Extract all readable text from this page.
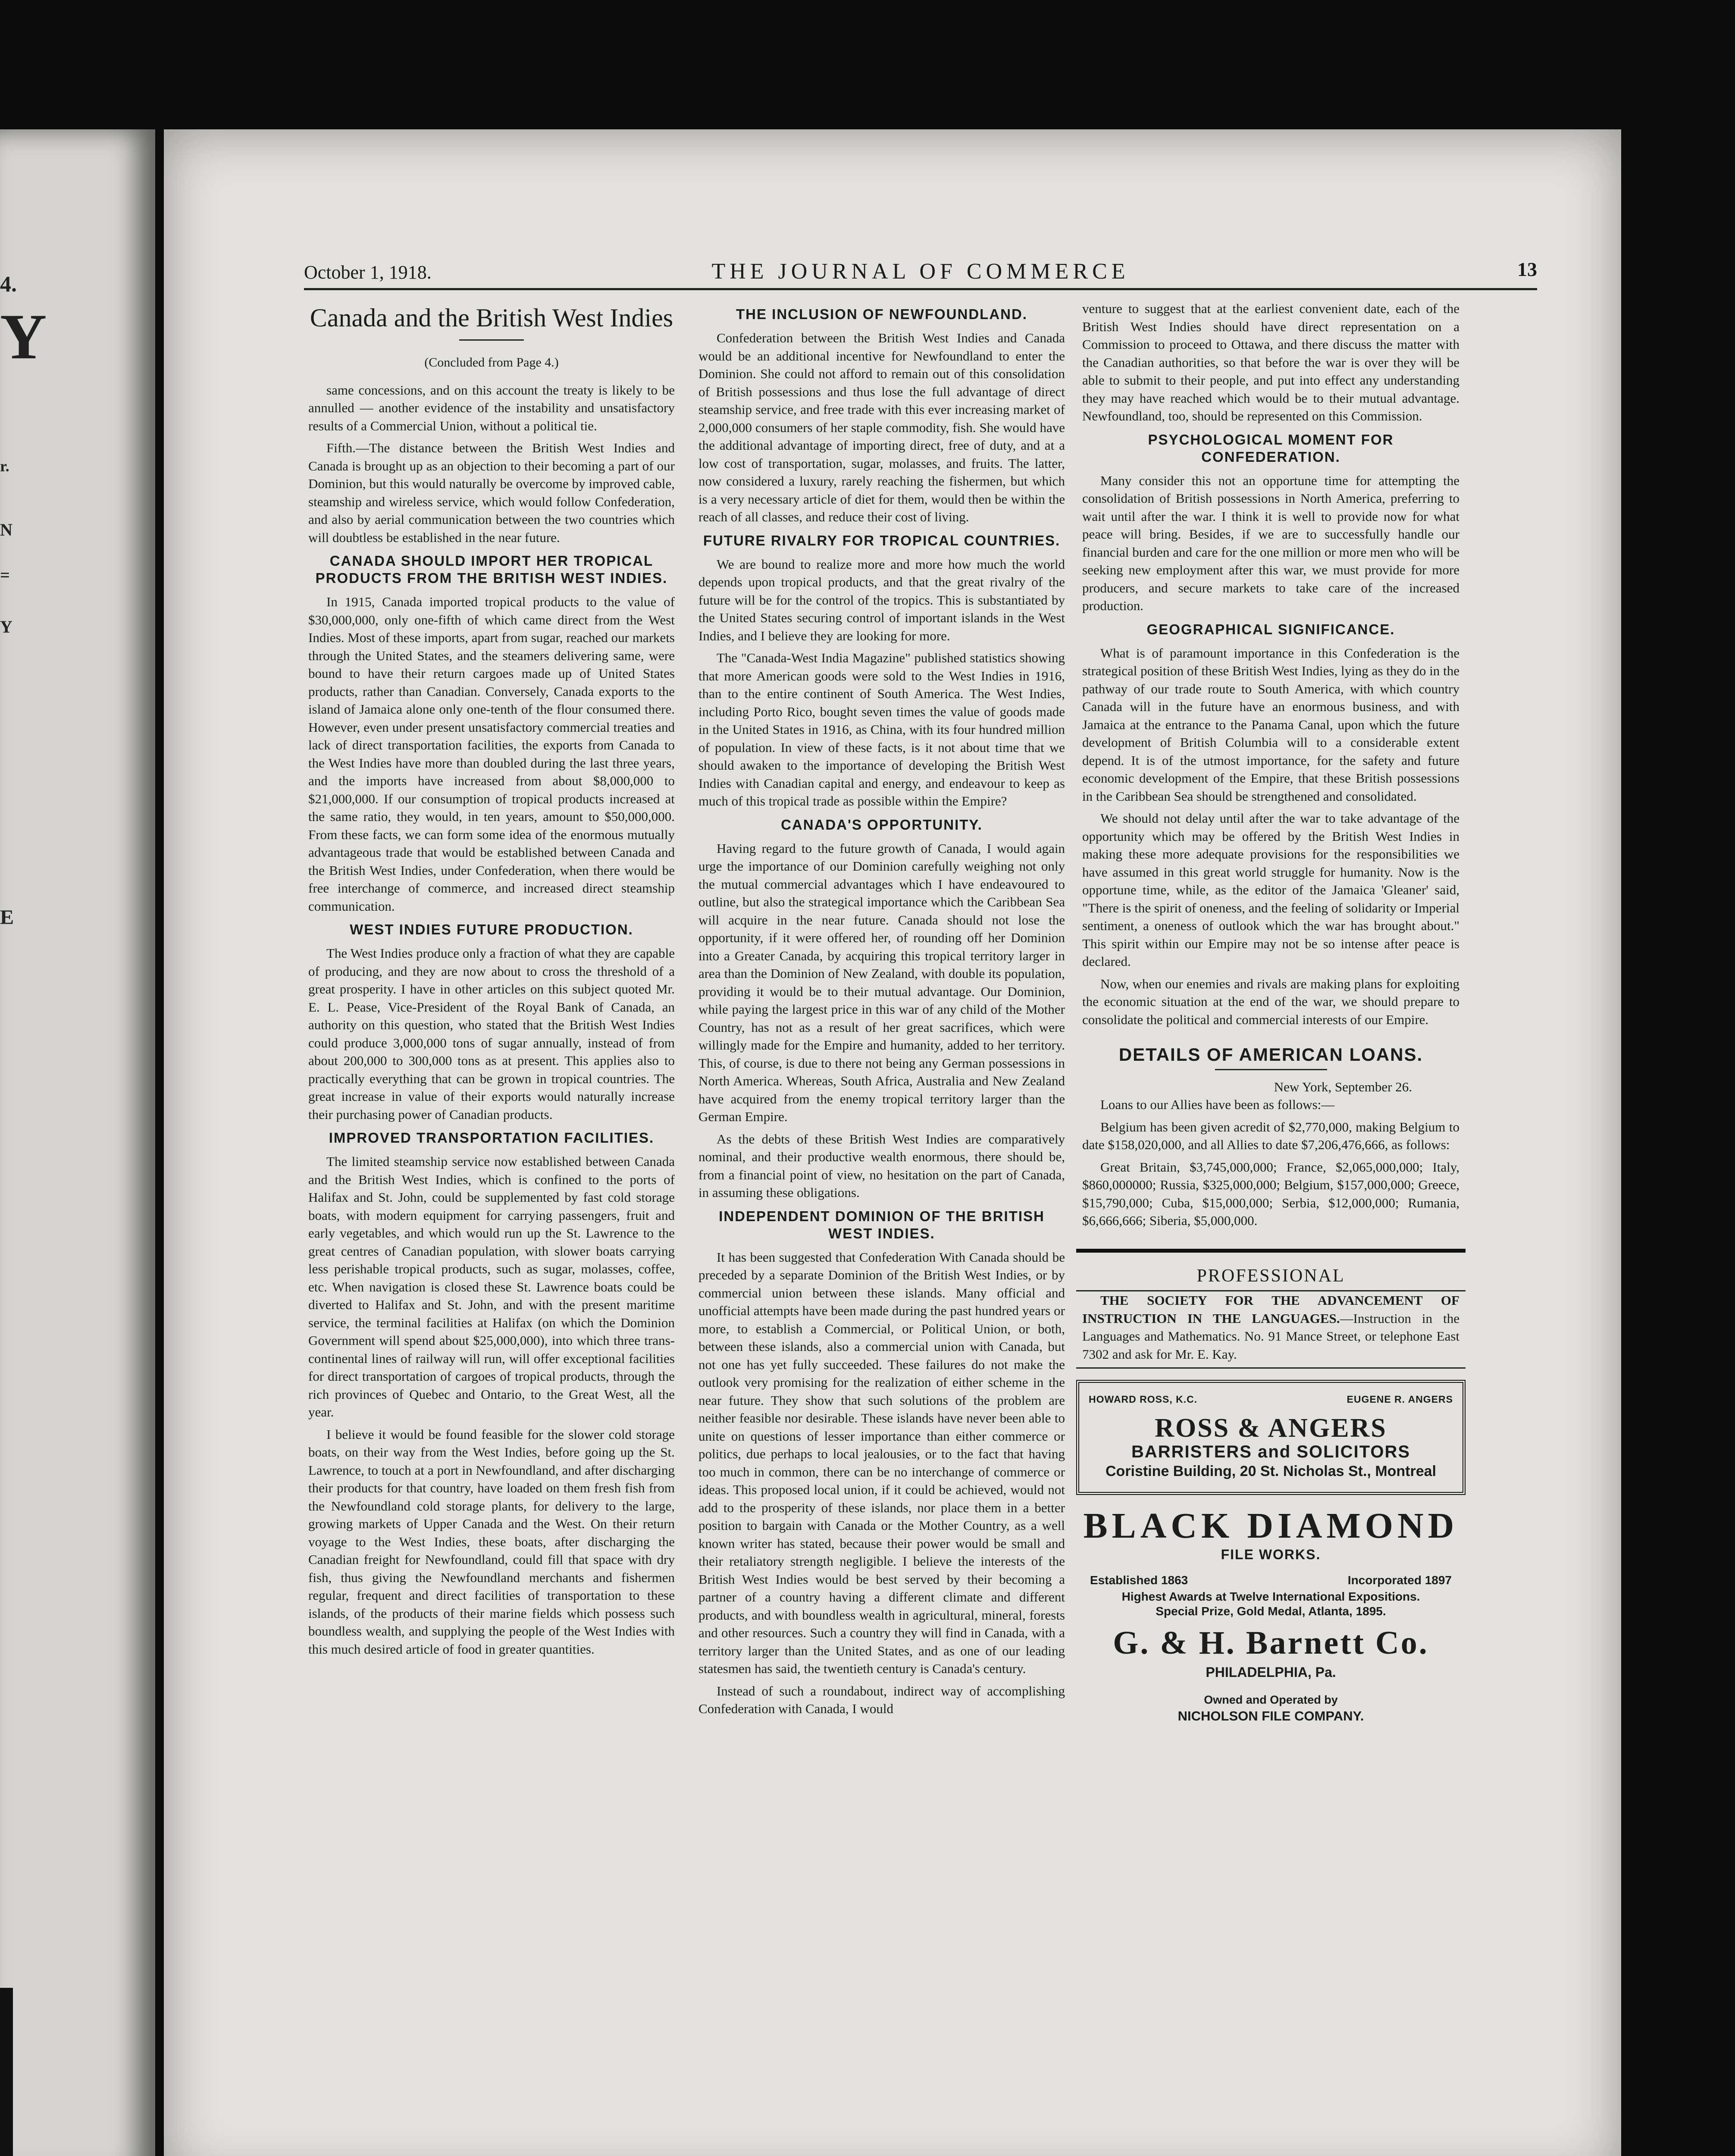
4.
Y
r.
N
=
Y
E
October 1, 1918.	THE JOURNAL OF COMMERCE	13
Canada and the British West Indies
(Concluded from Page 4.)

same concessions, and on this account the treaty is likely to be annulled — another evidence of the instability and unsatisfactory results of a Commercial Union, without a political tie.

Fifth.—The distance between the British West Indies and Canada is brought up as an objection to their becoming a part of our Dominion, but this would naturally be overcome by improved cable, steamship and wireless service, which would follow Confederation, and also by aerial communication between the two countries which will doubtless be established in the near future.

CANADA SHOULD IMPORT HER TROPICAL PRODUCTS FROM THE BRITISH WEST INDIES.

In 1915, Canada imported tropical products to the value of $30,000,000, only one-fifth of which came direct from the West Indies. Most of these imports, apart from sugar, reached our markets through the United States, and the steamers delivering same, were bound to have their return cargoes made up of United States products, rather than Canadian. Conversely, Canada exports to the island of Jamaica alone only one-tenth of the flour consumed there. However, even under present unsatisfactory commercial treaties and lack of direct transportation facilities, the exports from Canada to the West Indies have more than doubled during the last three years, and the imports have increased from about $8,000,000 to $21,000,000. If our consumption of tropical products increased at the same ratio, they would, in ten years, amount to $50,000,000. From these facts, we can form some idea of the enormous mutually advantageous trade that would be established between Canada and the British West Indies, under Confederation, when there would be free interchange of commerce, and increased direct steamship communication.

WEST INDIES FUTURE PRODUCTION.

The West Indies produce only a fraction of what they are capable of producing, and they are now about to cross the threshold of a great prosperity. I have in other articles on this subject quoted Mr. E. L. Pease, Vice-President of the Royal Bank of Canada, an authority on this question, who stated that the British West Indies could produce 3,000,000 tons of sugar annually, instead of from about 200,000 to 300,000 tons as at present. This applies also to practically everything that can be grown in tropical countries. The great increase in value of their exports would naturally increase their purchasing power of Canadian products.

IMPROVED TRANSPORTATION FACILITIES.

The limited steamship service now established between Canada and the British West Indies, which is confined to the ports of Halifax and St. John, could be supplemented by fast cold storage boats, with modern equipment for carrying passengers, fruit and early vegetables, and which would run up the St. Lawrence to the great centres of Canadian population, with slower boats carrying less perishable tropical products, such as sugar, molasses, coffee, etc. When navigation is closed these St. Lawrence boats could be diverted to Halifax and St. John, and with the present maritime service, the terminal facilities at Halifax (on which the Dominion Government will spend about $25,000,000), into which three trans-continental lines of railway will run, will offer exceptional facilities for direct transportation of cargoes of tropical products, through the rich provinces of Quebec and Ontario, to the Great West, all the year.

I believe it would be found feasible for the slower cold storage boats, on their way from the West Indies, before going up the St. Lawrence, to touch at a port in Newfoundland, and after discharging their products for that country, have loaded on them fresh fish from the Newfoundland cold storage plants, for delivery to the large, growing markets of Upper Canada and the West. On their return voyage to the West Indies, these boats, after discharging the Canadian freight for Newfoundland, could fill that space with dry fish, thus giving the Newfoundland merchants and fishermen regular, frequent and direct facilities of transportation to these islands, of the products of their marine fields which possess such boundless wealth, and supplying the people of the West Indies with this much desired article of food in greater quantities.

THE INCLUSION OF NEWFOUNDLAND.

Confederation between the British West Indies and Canada would be an additional incentive for Newfoundland to enter the Dominion. She could not afford to remain out of this consolidation of British possessions and thus lose the full advantage of direct steamship service, and free trade with this ever increasing market of 2,000,000 consumers of her staple commodity, fish. She would have the additional advantage of importing direct, free of duty, and at a low cost of transportation, sugar, molasses, and fruits. The latter, now considered a luxury, rarely reaching the fishermen, but which is a very necessary article of diet for them, would then be within the reach of all classes, and reduce their cost of living.

FUTURE RIVALRY FOR TROPICAL COUNTRIES.

We are bound to realize more and more how much the world depends upon tropical products, and that the great rivalry of the future will be for the control of the tropics. This is substantiated by the United States securing control of important islands in the West Indies, and I believe they are looking for more.

The "Canada-West India Magazine" published statistics showing that more American goods were sold to the West Indies in 1916, than to the entire continent of South America. The West Indies, including Porto Rico, bought seven times the value of goods made in the United States in 1916, as China, with its four hundred million of population. In view of these facts, is it not about time that we should awaken to the importance of developing the British West Indies with Canadian capital and energy, and endeavour to keep as much of this tropical trade as possible within the Empire?

CANADA'S OPPORTUNITY.

Having regard to the future growth of Canada, I would again urge the importance of our Dominion carefully weighing not only the mutual commercial advantages which I have endeavoured to outline, but also the strategical importance which the Caribbean Sea will acquire in the near future. Canada should not lose the opportunity, if it were offered her, of rounding off her Dominion into a Greater Canada, by acquiring this tropical territory larger in area than the Dominion of New Zealand, with double its population, providing it would be to their mutual advantage. Our Dominion, while paying the largest price in this war of any child of the Mother Country, has not as a result of her great sacrifices, which were willingly made for the Empire and humanity, added to her territory. This, of course, is due to there not being any German possessions in North America. Whereas, South Africa, Australia and New Zealand have acquired from the enemy tropical territory larger than the German Empire.

As the debts of these British West Indies are comparatively nominal, and their productive wealth enormous, there should be, from a financial point of view, no hesitation on the part of Canada, in assuming these obligations.

INDEPENDENT DOMINION OF THE BRITISH WEST INDIES.

It has been suggested that Confederation With Canada should be preceded by a separate Dominion of the British West Indies, or by commercial union between these islands. Many official and unofficial attempts have been made during the past hundred years or more, to establish a Commercial, or Political Union, or both, between these islands, also a commercial union with Canada, but not one has yet fully succeeded. These failures do not make the outlook very promising for the realization of either scheme in the near future. They show that such solutions of the problem are neither feasible nor desirable. These islands have never been able to unite on questions of lesser importance than either commerce or politics, due perhaps to local jealousies, or to the fact that having too much in common, there can be no interchange of commerce or ideas. This proposed local union, if it could be achieved, would not add to the prosperity of these islands, nor place them in a better position to bargain with Canada or the Mother Country, as a well known writer has stated, because their power would be small and their retaliatory strength negligible. I believe the interests of the British West Indies would be best served by their becoming a partner of a country having a different climate and different products, and with boundless wealth in agricultural, mineral, forests and other resources. Such a country they will find in Canada, with a territory larger than the United States, and as one of our leading statesmen has said, the twentieth century is Canada's century.

Instead of such a roundabout, indirect way of accomplishing Confederation with Canada, I would

venture to suggest that at the earliest convenient date, each of the British West Indies should have direct representation on a Commission to proceed to Ottawa, and there discuss the matter with the Canadian authorities, so that before the war is over they will be able to submit to their people, and put into effect any understanding they may have reached which would be to their mutual advantage. Newfoundland, too, should be represented on this Commission.

PSYCHOLOGICAL MOMENT FOR CONFEDERATION.

Many consider this not an opportune time for attempting the consolidation of British possessions in North America, preferring to wait until after the war. I think it is well to provide now for what peace will bring. Besides, if we are to successfully handle our financial burden and care for the one million or more men who will be seeking new employment after this war, we must provide for more producers, and secure markets to take care of the increased production.

GEOGRAPHICAL SIGNIFICANCE.

What is of paramount importance in this Confederation is the strategical position of these British West Indies, lying as they do in the pathway of our trade route to South America, with which country Canada will in the future have an enormous business, and with Jamaica at the entrance to the Panama Canal, upon which the future development of British Columbia will to a considerable extent depend. It is of the utmost importance, for the safety and future economic development of the Empire, that these British possessions in the Caribbean Sea should be strengthened and consolidated.

We should not delay until after the war to take advantage of the opportunity which may be offered by the British West Indies in making these more adequate provisions for the responsibilities we have assumed in this great world struggle for humanity. Now is the opportune time, while, as the editor of the Jamaica 'Gleaner' said, "There is the spirit of oneness, and the feeling of solidarity or Imperial sentiment, a oneness of outlook which the war has brought about." This spirit within our Empire may not be so intense after peace is declared.

Now, when our enemies and rivals are making plans for exploiting the economic situation at the end of the war, we should prepare to consolidate the political and commercial interests of our Empire.

DETAILS OF AMERICAN LOANS.
New York, September 26.

Loans to our Allies have been as follows:—

Belgium has been given acredit of $2,770,000, making Belgium to date $158,020,000, and all Allies to date $7,206,476,666, as follows:

Great Britain, $3,745,000,000; France, $2,065,000,000; Italy, $860,000000; Russia, $325,000,000; Belgium, $157,000,000; Greece, $15,790,000; Cuba, $15,000,000; Serbia, $12,000,000; Rumania, $6,666,666; Siberia, $5,000,000.

PROFESSIONAL

THE SOCIETY FOR THE ADVANCEMENT OF INSTRUCTION IN THE LANGUAGES.—Instruction in the Languages and Mathematics. No. 91 Mance Street, or telephone East 7302 and ask for Mr. E. Kay.

HOWARD ROSS, K.C.	EUGENE R. ANGERS
ROSS & ANGERS
BARRISTERS and SOLICITORS
Coristine Building, 20 St. Nicholas St., Montreal
BLACK DIAMOND
FILE WORKS.
Established 1863	Incorporated 1897
Highest Awards at Twelve International Expositions.
Special Prize, Gold Medal, Atlanta, 1895.
G. & H. Barnett Co.
PHILADELPHIA, Pa.
Owned and Operated by
NICHOLSON FILE COMPANY.
